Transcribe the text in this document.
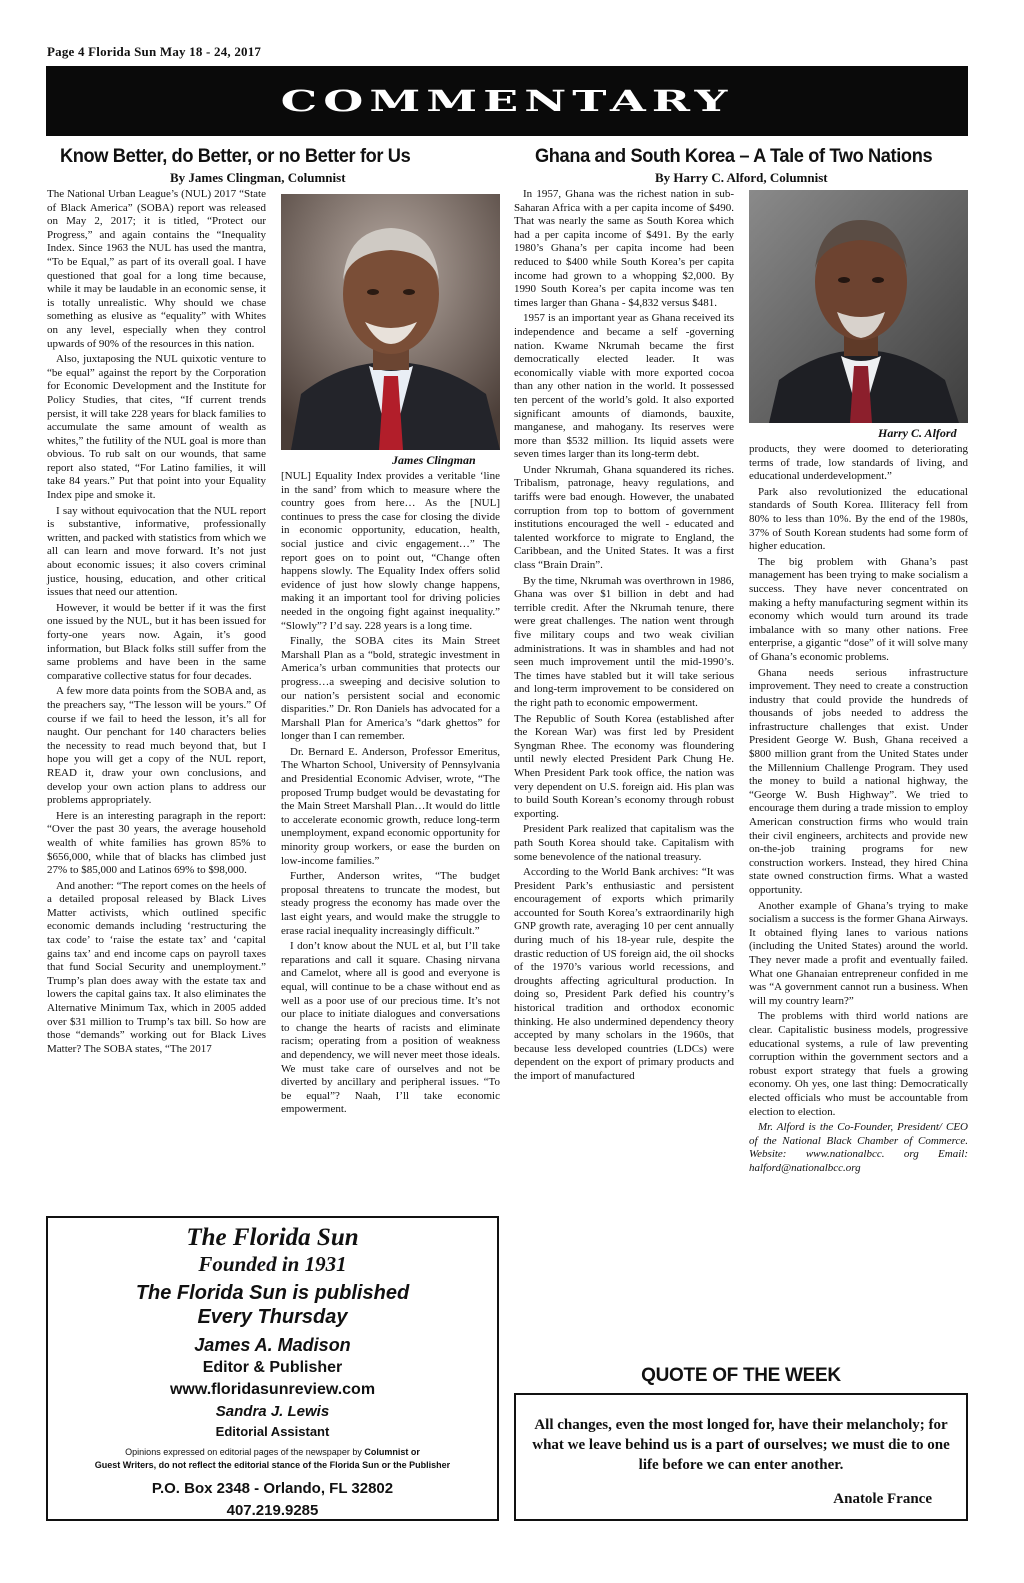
Page 4 Florida Sun May 18 - 24, 2017
COMMENTARY
Know Better, do Better, or no Better for Us
By James Clingman, Columnist

The National Urban League’s (NUL) 2017 “State of Black America” (SOBA) report was released on May 2, 2017; it is titled, “Protect our Progress,” and again contains the “Inequality Index. Since 1963 the NUL has used the mantra, “To be Equal,” as part of its overall goal. I have questioned that goal for a long time because, while it may be laudable in an economic sense, it is totally unrealistic. Why should we chase something as elusive as “equality” with Whites on any level, especially when they control upwards of 90% of the resources in this nation.

Also, juxtaposing the NUL quixotic venture to “be equal” against the report by the Corporation for Economic Development and the Institute for Policy Studies, that cites, “If current trends persist, it will take 228 years for black families to accumulate the same amount of wealth as whites,” the futility of the NUL goal is more than obvious. To rub salt on our wounds, that same report also stated, “For Latino families, it will take 84 years.” Put that point into your Equality Index pipe and smoke it.

I say without equivocation that the NUL report is substantive, informative, professionally written, and packed with statistics from which we all can learn and move forward. It’s not just about economic issues; it also covers criminal justice, housing, education, and other critical issues that need our attention.

However, it would be better if it was the first one issued by the NUL, but it has been issued for forty-one years now. Again, it’s good information, but Black folks still suffer from the same problems and have been in the same comparative collective status for four decades.

A few more data points from the SOBA and, as the preachers say, “The lesson will be yours.” Of course if we fail to heed the lesson, it’s all for naught. Our penchant for 140 characters belies the necessity to read much beyond that, but I hope you will get a copy of the NUL report, READ it, draw your own conclusions, and develop your own action plans to address our problems appropriately.

Here is an interesting paragraph in the report: “Over the past 30 years, the average household wealth of white families has grown 85% to $656,000, while that of blacks has climbed just 27% to $85,000 and Latinos 69% to $98,000.

And another: “The report comes on the heels of a detailed proposal released by Black Lives Matter activists, which outlined specific economic demands including ‘restructuring the tax code’ to ‘raise the estate tax’ and ‘capital gains tax’ and end income caps on payroll taxes that fund Social Security and unemployment.” Trump’s plan does away with the estate tax and lowers the capital gains tax. It also eliminates the Alternative Minimum Tax, which in 2005 added over $31 million to Trump’s tax bill. So how are those “demands” working out for Black Lives Matter? The SOBA states, “The 2017

James Clingman

[NUL] Equality Index provides a veritable ‘line in the sand’ from which to measure where the country goes from here… As the [NUL] continues to press the case for closing the divide in economic opportunity, education, health, social justice and civic engagement…” The report goes on to point out, “Change often happens slowly. The Equality Index offers solid evidence of just how slowly change happens, making it an important tool for driving policies needed in the ongoing fight against inequality.” “Slowly”? I’d say. 228 years is a long time.

Finally, the SOBA cites its Main Street Marshall Plan as a “bold, strategic investment in America’s urban communities that protects our progress…a sweeping and decisive solution to our nation’s persistent social and economic disparities.” Dr. Ron Daniels has advocated for a Marshall Plan for America’s “dark ghettos” for longer than I can remember.

Dr. Bernard E. Anderson, Professor Emeritus, The Wharton School, University of Pennsylvania and Presidential Economic Adviser, wrote, “The proposed Trump budget would be devastating for the Main Street Marshall Plan…It would do little to accelerate economic growth, reduce long-term unemployment, expand economic opportunity for minority group workers, or ease the burden on low-income families.”

Further, Anderson writes, “The budget proposal threatens to truncate the modest, but steady progress the economy has made over the last eight years, and would make the struggle to erase racial inequality increasingly difficult.”

I don’t know about the NUL et al, but I’ll take reparations and call it square. Chasing nirvana and Camelot, where all is good and everyone is equal, will continue to be a chase without end as well as a poor use of our precious time. It’s not our place to initiate dialogues and conversations to change the hearts of racists and eliminate racism; operating from a position of weakness and dependency, we will never meet those ideals. We must take care of ourselves and not be diverted by ancillary and peripheral issues. “To be equal”? Naah, I’ll take economic empowerment.

Ghana and South Korea – A Tale of Two Nations
By Harry C. Alford, Columnist

In 1957, Ghana was the richest nation in sub-Saharan Africa with a per capita income of $490. That was nearly the same as South Korea which had a per capita income of $491. By the early 1980’s Ghana’s per capita income had been reduced to $400 while South Korea’s per capita income had grown to a whopping $2,000. By 1990 South Korea’s per capita income was ten times larger than Ghana - $4,832 versus $481.

1957 is an important year as Ghana received its independence and became a self -governing nation. Kwame Nkrumah became the first democratically elected leader. It was economically viable with more exported cocoa than any other nation in the world. It possessed ten percent of the world’s gold. It also exported significant amounts of diamonds, bauxite, manganese, and mahogany. Its reserves were more than $532 million. Its liquid assets were seven times larger than its long-term debt.

Under Nkrumah, Ghana squandered its riches. Tribalism, patronage, heavy regulations, and tariffs were bad enough. However, the unabated corruption from top to bottom of government institutions encouraged the well - educated and talented workforce to migrate to England, the Caribbean, and the United States. It was a first class “Brain Drain”.

By the time, Nkrumah was overthrown in 1986, Ghana was over $1 billion in debt and had terrible credit. After the Nkrumah tenure, there were great challenges. The nation went through five military coups and two weak civilian administrations. It was in shambles and had not seen much improvement until the mid-1990’s. The times have stabled but it will take serious and long-term improvement to be considered on the right path to economic empowerment.

The Republic of South Korea (established after the Korean War) was first led by President Syngman Rhee. The economy was floundering until newly elected President Park Chung He. When President Park took office, the nation was very dependent on U.S. foreign aid. His plan was to build South Korean’s economy through robust exporting.

President Park realized that capitalism was the path South Korea should take. Capitalism with some benevolence of the national treasury.

According to the World Bank archives: “It was President Park’s enthusiastic and persistent encouragement of exports which primarily accounted for South Korea’s extraordinarily high GNP growth rate, averaging 10 per cent annually during much of his 18-year rule, despite the drastic reduction of US foreign aid, the oil shocks of the 1970’s various world recessions, and droughts affecting agricultural production. In doing so, President Park defied his country’s historical tradition and orthodox economic thinking. He also undermined dependency theory accepted by many scholars in the 1960s, that because less developed countries (LDCs) were dependent on the export of primary products and the import of manufactured

Harry C. Alford

products, they were doomed to deteriorating terms of trade, low standards of living, and educational underdevelopment.”

Park also revolutionized the educational standards of South Korea. Illiteracy fell from 80% to less than 10%. By the end of the 1980s, 37% of South Korean students had some form of higher education.

The big problem with Ghana’s past management has been trying to make socialism a success. They have never concentrated on making a hefty manufacturing segment within its economy which would turn around its trade imbalance with so many other nations. Free enterprise, a gigantic “dose” of it will solve many of Ghana’s economic problems.

Ghana needs serious infrastructure improvement. They need to create a construction industry that could provide the hundreds of thousands of jobs needed to address the infrastructure challenges that exist. Under President George W. Bush, Ghana received a $800 million grant from the United States under the Millennium Challenge Program. They used the money to build a national highway, the “George W. Bush Highway”. We tried to encourage them during a trade mission to employ American construction firms who would train their civil engineers, architects and provide new on-the-job training programs for new construction workers. Instead, they hired China state owned construction firms. What a wasted opportunity.

Another example of Ghana’s trying to make socialism a success is the former Ghana Airways. It obtained flying lanes to various nations (including the United States) around the world. They never made a profit and eventually failed. What one Ghanaian entrepreneur confided in me was “A government cannot run a business. When will my country learn?”

The problems with third world nations are clear. Capitalistic business models, progressive educational systems, a rule of law preventing corruption within the government sectors and a robust export strategy that fuels a growing economy. Oh yes, one last thing: Democratically elected officials who must be accountable from election to election.

Mr. Alford is the Co-Founder, President/ CEO of the National Black Chamber of Commerce. Website: www.nationalbcc. org Email: halford@nationalbcc.org

The Florida Sun
Founded in 1931
The Florida Sun is published
Every Thursday
James A. Madison
Editor & Publisher
www.floridasunreview.com
Sandra J. Lewis
Editorial Assistant
Opinions expressed on editorial pages of the newspaper by Columnist or
Guest Writers, do not reflect the editorial stance of the Florida Sun or the Publisher
P.O. Box 2348 - Orlando, FL 32802
407.219.9285
QUOTE OF THE WEEK
All changes, even the most longed for, have their melancholy; for what we leave behind us is a part of ourselves; we must die to one life before we can enter another.
Anatole France
